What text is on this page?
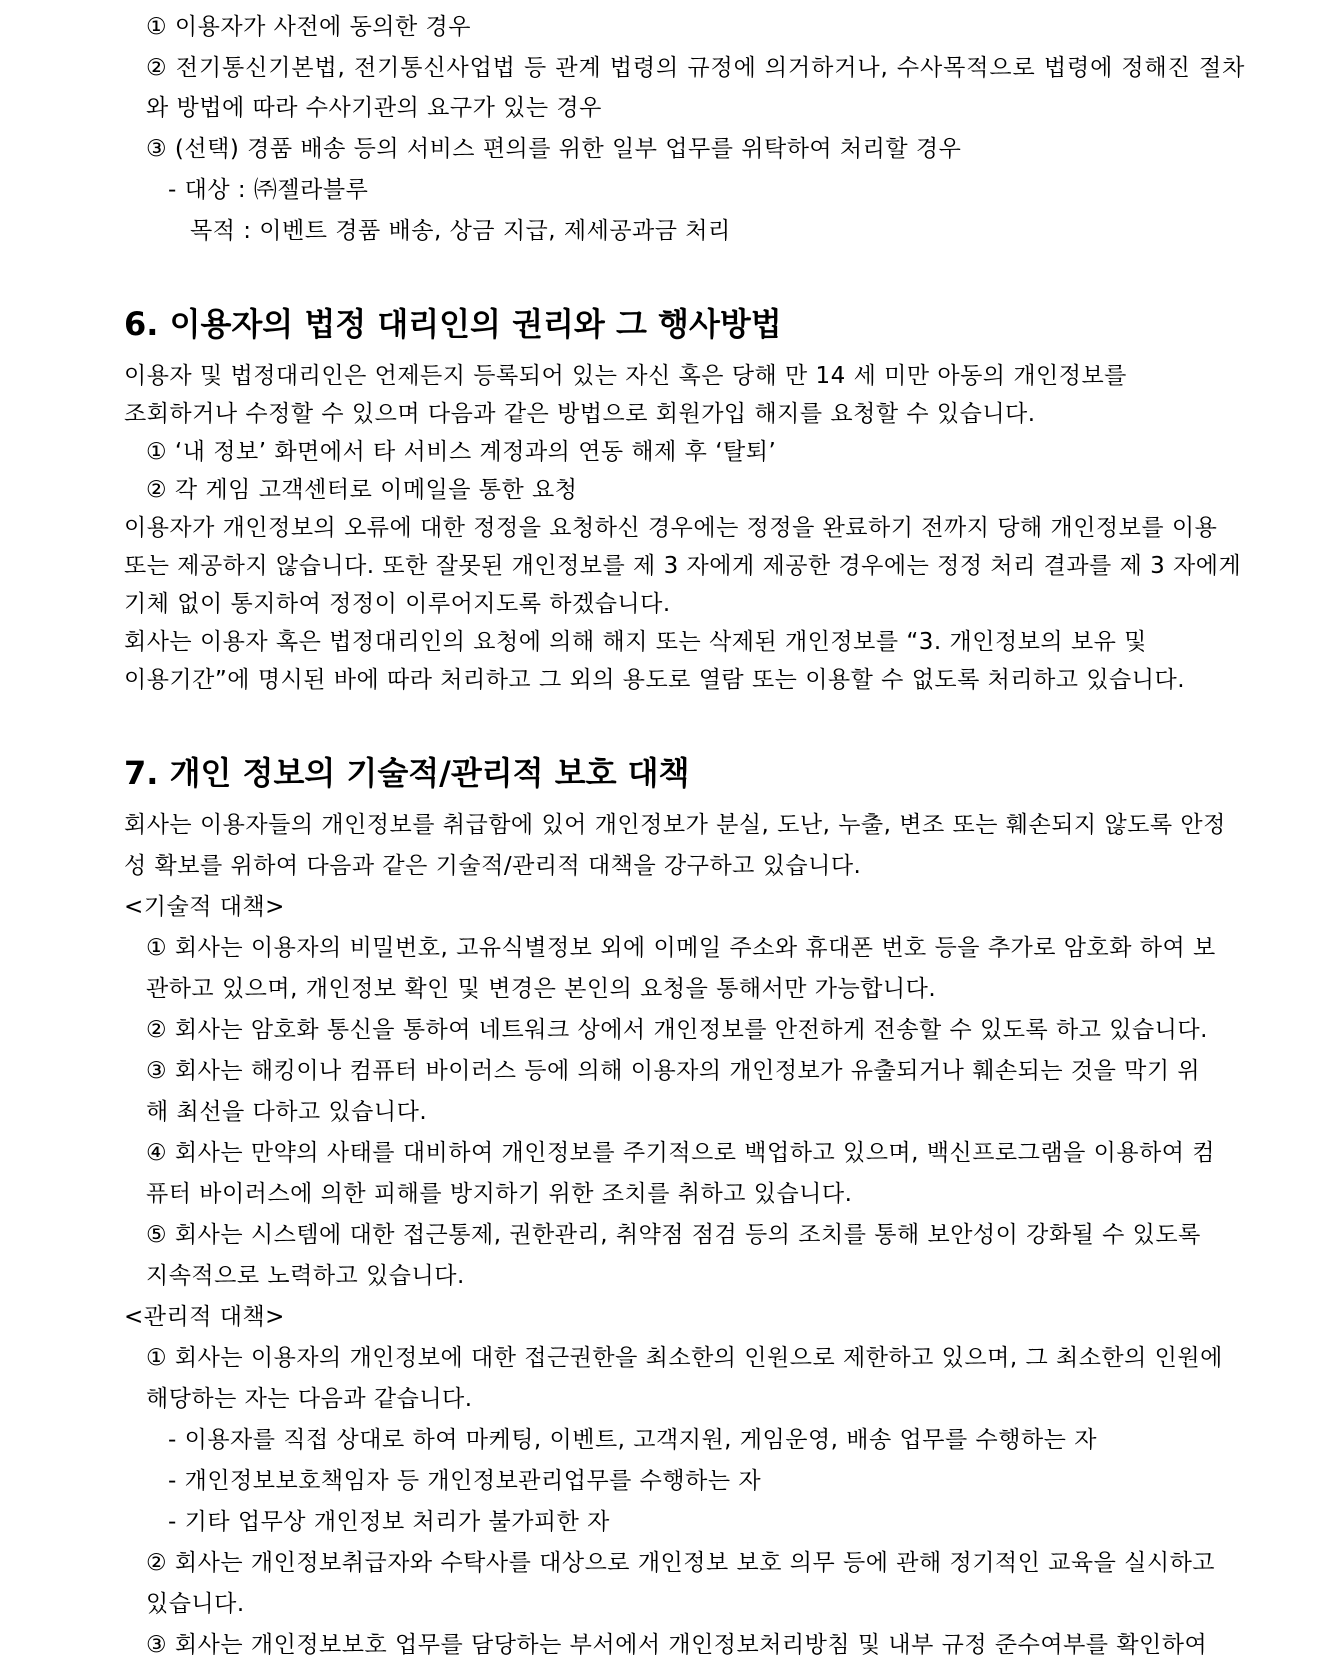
① 이용자가 사전에 동의한 경우
② 전기통신기본법, 전기통신사업법 등 관계 법령의 규정에 의거하거나, 수사목적으로 법령에 정해진 절차
와 방법에 따라 수사기관의 요구가 있는 경우
③ (선택) 경품 배송 등의 서비스 편의를 위한 일부 업무를 위탁하여 처리할 경우
- 대상 : ㈜젤라블루
목적 : 이벤트 경품 배송, 상금 지급, 제세공과금 처리
6. 이용자의 법정 대리인의 권리와 그 행사방법
이용자 및 법정대리인은 언제든지 등록되어 있는 자신 혹은 당해 만 14 세 미만 아동의 개인정보를
조회하거나 수정할 수 있으며 다음과 같은 방법으로 회원가입 해지를 요청할 수 있습니다.
① ‘내 정보’ 화면에서 타 서비스 계정과의 연동 해제 후 ‘탈퇴’
② 각 게임 고객센터로 이메일을 통한 요청
이용자가 개인정보의 오류에 대한 정정을 요청하신 경우에는 정정을 완료하기 전까지 당해 개인정보를 이용
또는 제공하지 않습니다. 또한 잘못된 개인정보를 제 3 자에게 제공한 경우에는 정정 처리 결과를 제 3 자에게
기체 없이 통지하여 정정이 이루어지도록 하겠습니다.
회사는 이용자 혹은 법정대리인의 요청에 의해 해지 또는 삭제된 개인정보를 “3. 개인정보의 보유 및
이용기간”에 명시된 바에 따라 처리하고 그 외의 용도로 열람 또는 이용할 수 없도록 처리하고 있습니다.
7. 개인 정보의 기술적/관리적 보호 대책
회사는 이용자들의 개인정보를 취급함에 있어 개인정보가 분실, 도난, 누출, 변조 또는 훼손되지 않도록 안정
성 확보를 위하여 다음과 같은 기술적/관리적 대책을 강구하고 있습니다.
<기술적 대책>
① 회사는 이용자의 비밀번호, 고유식별정보 외에 이메일 주소와 휴대폰 번호 등을 추가로 암호화 하여 보
관하고 있으며, 개인정보 확인 및 변경은 본인의 요청을 통해서만 가능합니다.
② 회사는 암호화 통신을 통하여 네트워크 상에서 개인정보를 안전하게 전송할 수 있도록 하고 있습니다.
③ 회사는 해킹이나 컴퓨터 바이러스 등에 의해 이용자의 개인정보가 유출되거나 훼손되는 것을 막기 위
해 최선을 다하고 있습니다.
④ 회사는 만약의 사태를 대비하여 개인정보를 주기적으로 백업하고 있으며, 백신프로그램을 이용하여 컴
퓨터 바이러스에 의한 피해를 방지하기 위한 조치를 취하고 있습니다.
⑤ 회사는 시스템에 대한 접근통제, 권한관리, 취약점 점검 등의 조치를 통해 보안성이 강화될 수 있도록
지속적으로 노력하고 있습니다.
<관리적 대책>
① 회사는 이용자의 개인정보에 대한 접근권한을 최소한의 인원으로 제한하고 있으며, 그 최소한의 인원에
해당하는 자는 다음과 같습니다.
- 이용자를 직접 상대로 하여 마케팅, 이벤트, 고객지원, 게임운영, 배송 업무를 수행하는 자
- 개인정보보호책임자 등 개인정보관리업무를 수행하는 자
- 기타 업무상 개인정보 처리가 불가피한 자
② 회사는 개인정보취급자와 수탁사를 대상으로 개인정보 보호 의무 등에 관해 정기적인 교육을 실시하고
있습니다.
③ 회사는 개인정보보호 업무를 담당하는 부서에서 개인정보처리방침 및 내부 규정 준수여부를 확인하여
